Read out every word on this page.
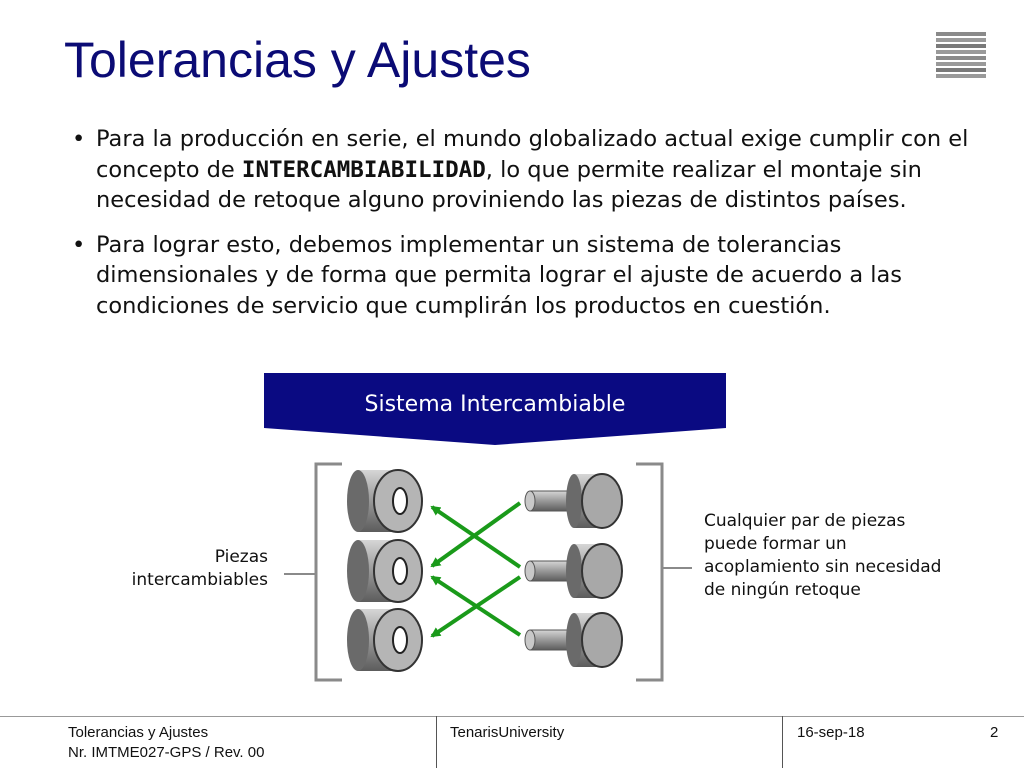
Tolerancias y Ajustes
• Para la producción en serie, el mundo globalizado actual exige cumplir con el concepto de INTERCAMBIABILIDAD, lo que permite realizar el montaje sin necesidad de retoque alguno proviniendo las piezas de distintos países.
• Para lograr esto, debemos implementar un sistema de tolerancias dimensionales y de forma que permita lograr el ajuste de acuerdo a las condiciones de servicio que cumplirán los productos en cuestión.
Sistema Intercambiable
Piezas intercambiables
Cualquier par de piezas puede formar un acoplamiento sin necesidad de ningún retoque
Tolerancias y Ajustes
Nr. IMTME027-GPS / Rev. 00
TenarisUniversity	16-sep-18	2
